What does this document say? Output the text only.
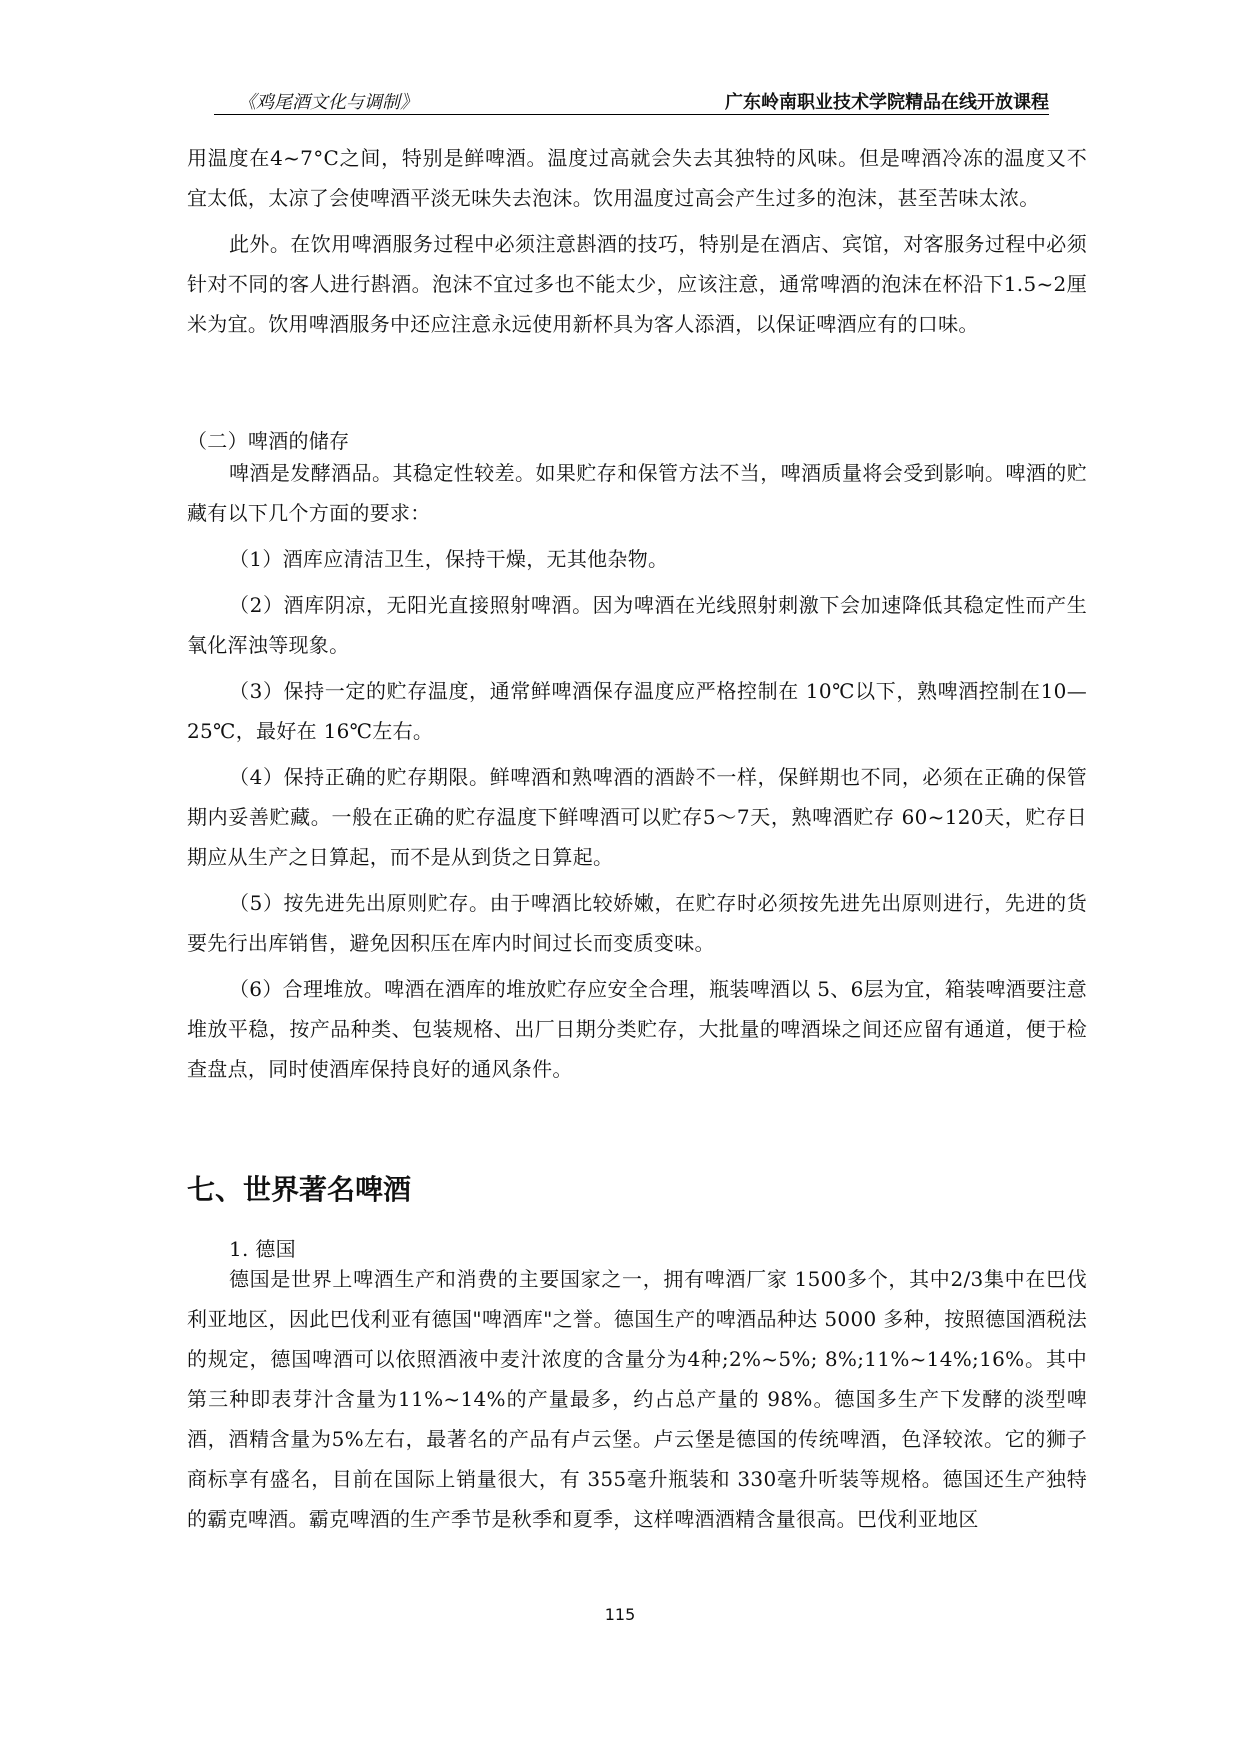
《鸡尾酒文化与调制》	广东岭南职业技术学院精品在线开放课程

用温度在4~7°C之间，特别是鲜啤酒。温度过高就会失去其独特的风味。但是啤酒冷冻的温度又不宜太低，太凉了会使啤酒平淡无味失去泡沫。饮用温度过高会产生过多的泡沫，甚至苦味太浓。

此外。在饮用啤酒服务过程中必须注意斟酒的技巧，特别是在酒店、宾馆，对客服务过程中必须针对不同的客人进行斟酒。泡沫不宜过多也不能太少，应该注意，通常啤酒的泡沫在杯沿下1.5~2厘米为宜。饮用啤酒服务中还应注意永远使用新杯具为客人添酒，以保证啤酒应有的口味。

（二）啤酒的储存

啤酒是发酵酒品。其稳定性较差。如果贮存和保管方法不当，啤酒质量将会受到影响。啤酒的贮藏有以下几个方面的要求：

（1）酒库应清洁卫生，保持干燥，无其他杂物。

（2）酒库阴凉，无阳光直接照射啤酒。因为啤酒在光线照射刺激下会加速降低其稳定性而产生氧化浑浊等现象。

（3）保持一定的贮存温度，通常鲜啤酒保存温度应严格控制在 10℃以下，熟啤酒控制在10—25℃，最好在 16℃左右。

（4）保持正确的贮存期限。鲜啤酒和熟啤酒的酒龄不一样，保鲜期也不同，必须在正确的保管期内妥善贮藏。一般在正确的贮存温度下鲜啤酒可以贮存5～7天，熟啤酒贮存 60~120天，贮存日期应从生产之日算起，而不是从到货之日算起。

（5）按先进先出原则贮存。由于啤酒比较娇嫩，在贮存时必须按先进先出原则进行，先进的货要先行出库销售，避免因积压在库内时间过长而变质变味。

（6）合理堆放。啤酒在酒库的堆放贮存应安全合理，瓶装啤酒以 5、6层为宜，箱装啤酒要注意堆放平稳，按产品种类、包装规格、出厂日期分类贮存，大批量的啤酒垛之间还应留有通道，便于检查盘点，同时使酒库保持良好的通风条件。

七、世界著名啤酒
1. 德国

德国是世界上啤酒生产和消费的主要国家之一，拥有啤酒厂家 1500多个，其中2/3集中在巴伐利亚地区，因此巴伐利亚有德国"啤酒库"之誉。德国生产的啤酒品种达 5000 多种，按照德国酒税法的规定，德国啤酒可以依照酒液中麦汁浓度的含量分为4种;2%~5%; 8%;11%~14%;16%。其中第三种即表芽汁含量为11%~14%的产量最多，约占总产量的 98%。德国多生产下发酵的淡型啤酒，酒精含量为5%左右，最著名的产品有卢云堡。卢云堡是德国的传统啤酒，色泽较浓。它的狮子商标享有盛名，目前在国际上销量很大，有 355毫升瓶装和 330毫升听装等规格。德国还生产独特的霸克啤酒。霸克啤酒的生产季节是秋季和夏季，这样啤酒酒精含量很高。巴伐利亚地区

115
